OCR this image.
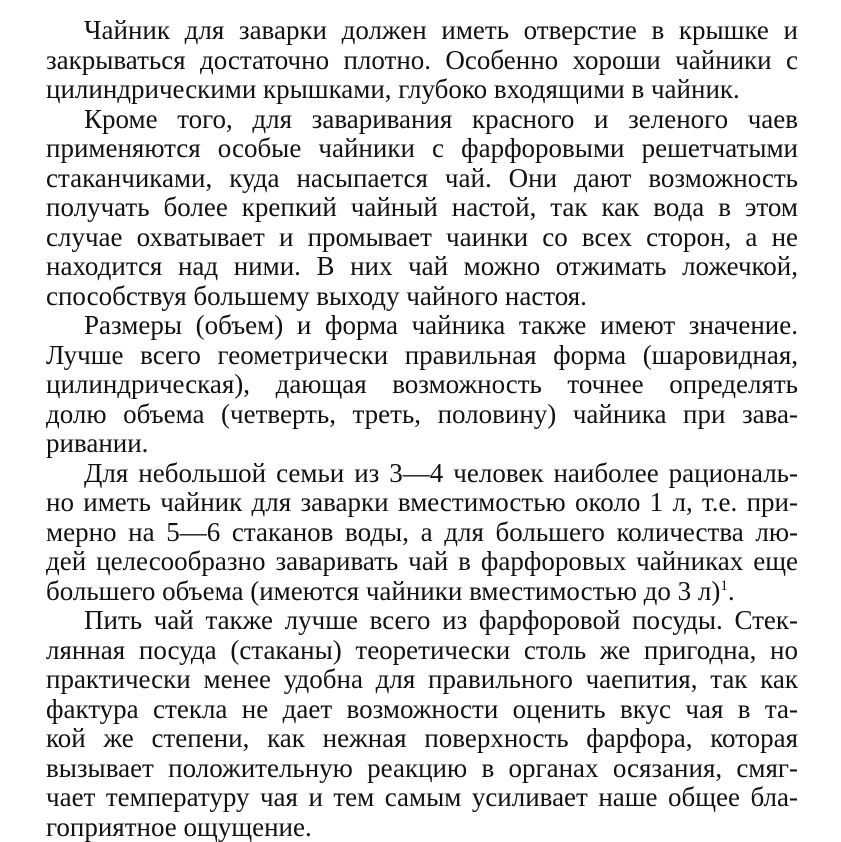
Чайник для заварки должен иметь отверстие в крышке и
закрываться достаточно плотно. Особенно хороши чайники с
цилиндрическими крышками, глубоко входящими в чайник.
Кроме того, для заваривания красного и зеленого чаев
применяются особые чайники с фарфоровыми решетчатыми
стаканчиками, куда насыпается чай. Они дают возможность
получать более крепкий чайный настой, так как вода в этом
случае охватывает и промывает чаинки со всех сторон, а не
находится над ними. В них чай можно отжимать ложечкой,
способствуя большему выходу чайного настоя.
Размеры (объем) и форма чайника также имеют значение.
Лучше всего геометрически правильная форма (шаровидная,
цилиндрическая), дающая возможность точнее определять
долю объема (четверть, треть, половину) чайника при зава-
ривании.
Для небольшой семьи из 3—4 человек наиболее рациональ-
но иметь чайник для заварки вместимостью около 1 л, т.е. при-
мерно на 5—6 стаканов воды, а для большего количества лю-
дей целесообразно заваривать чай в фарфоровых чайниках еще
большего объема (имеются чайники вместимостью до 3 л)$^1$.
Пить чай также лучше всего из фарфоровой посуды. Стек-
лянная посуда (стаканы) теоретически столь же пригодна, но
практически менее удобна для правильного чаепития, так как
фактура стекла не дает возможности оценить вкус чая в та-
кой же степени, как нежная поверхность фарфора, которая
вызывает положительную реакцию в органах осязания, смяг-
чает температуру чая и тем самым усиливает наше общее бла-
гоприятное ощущение.
